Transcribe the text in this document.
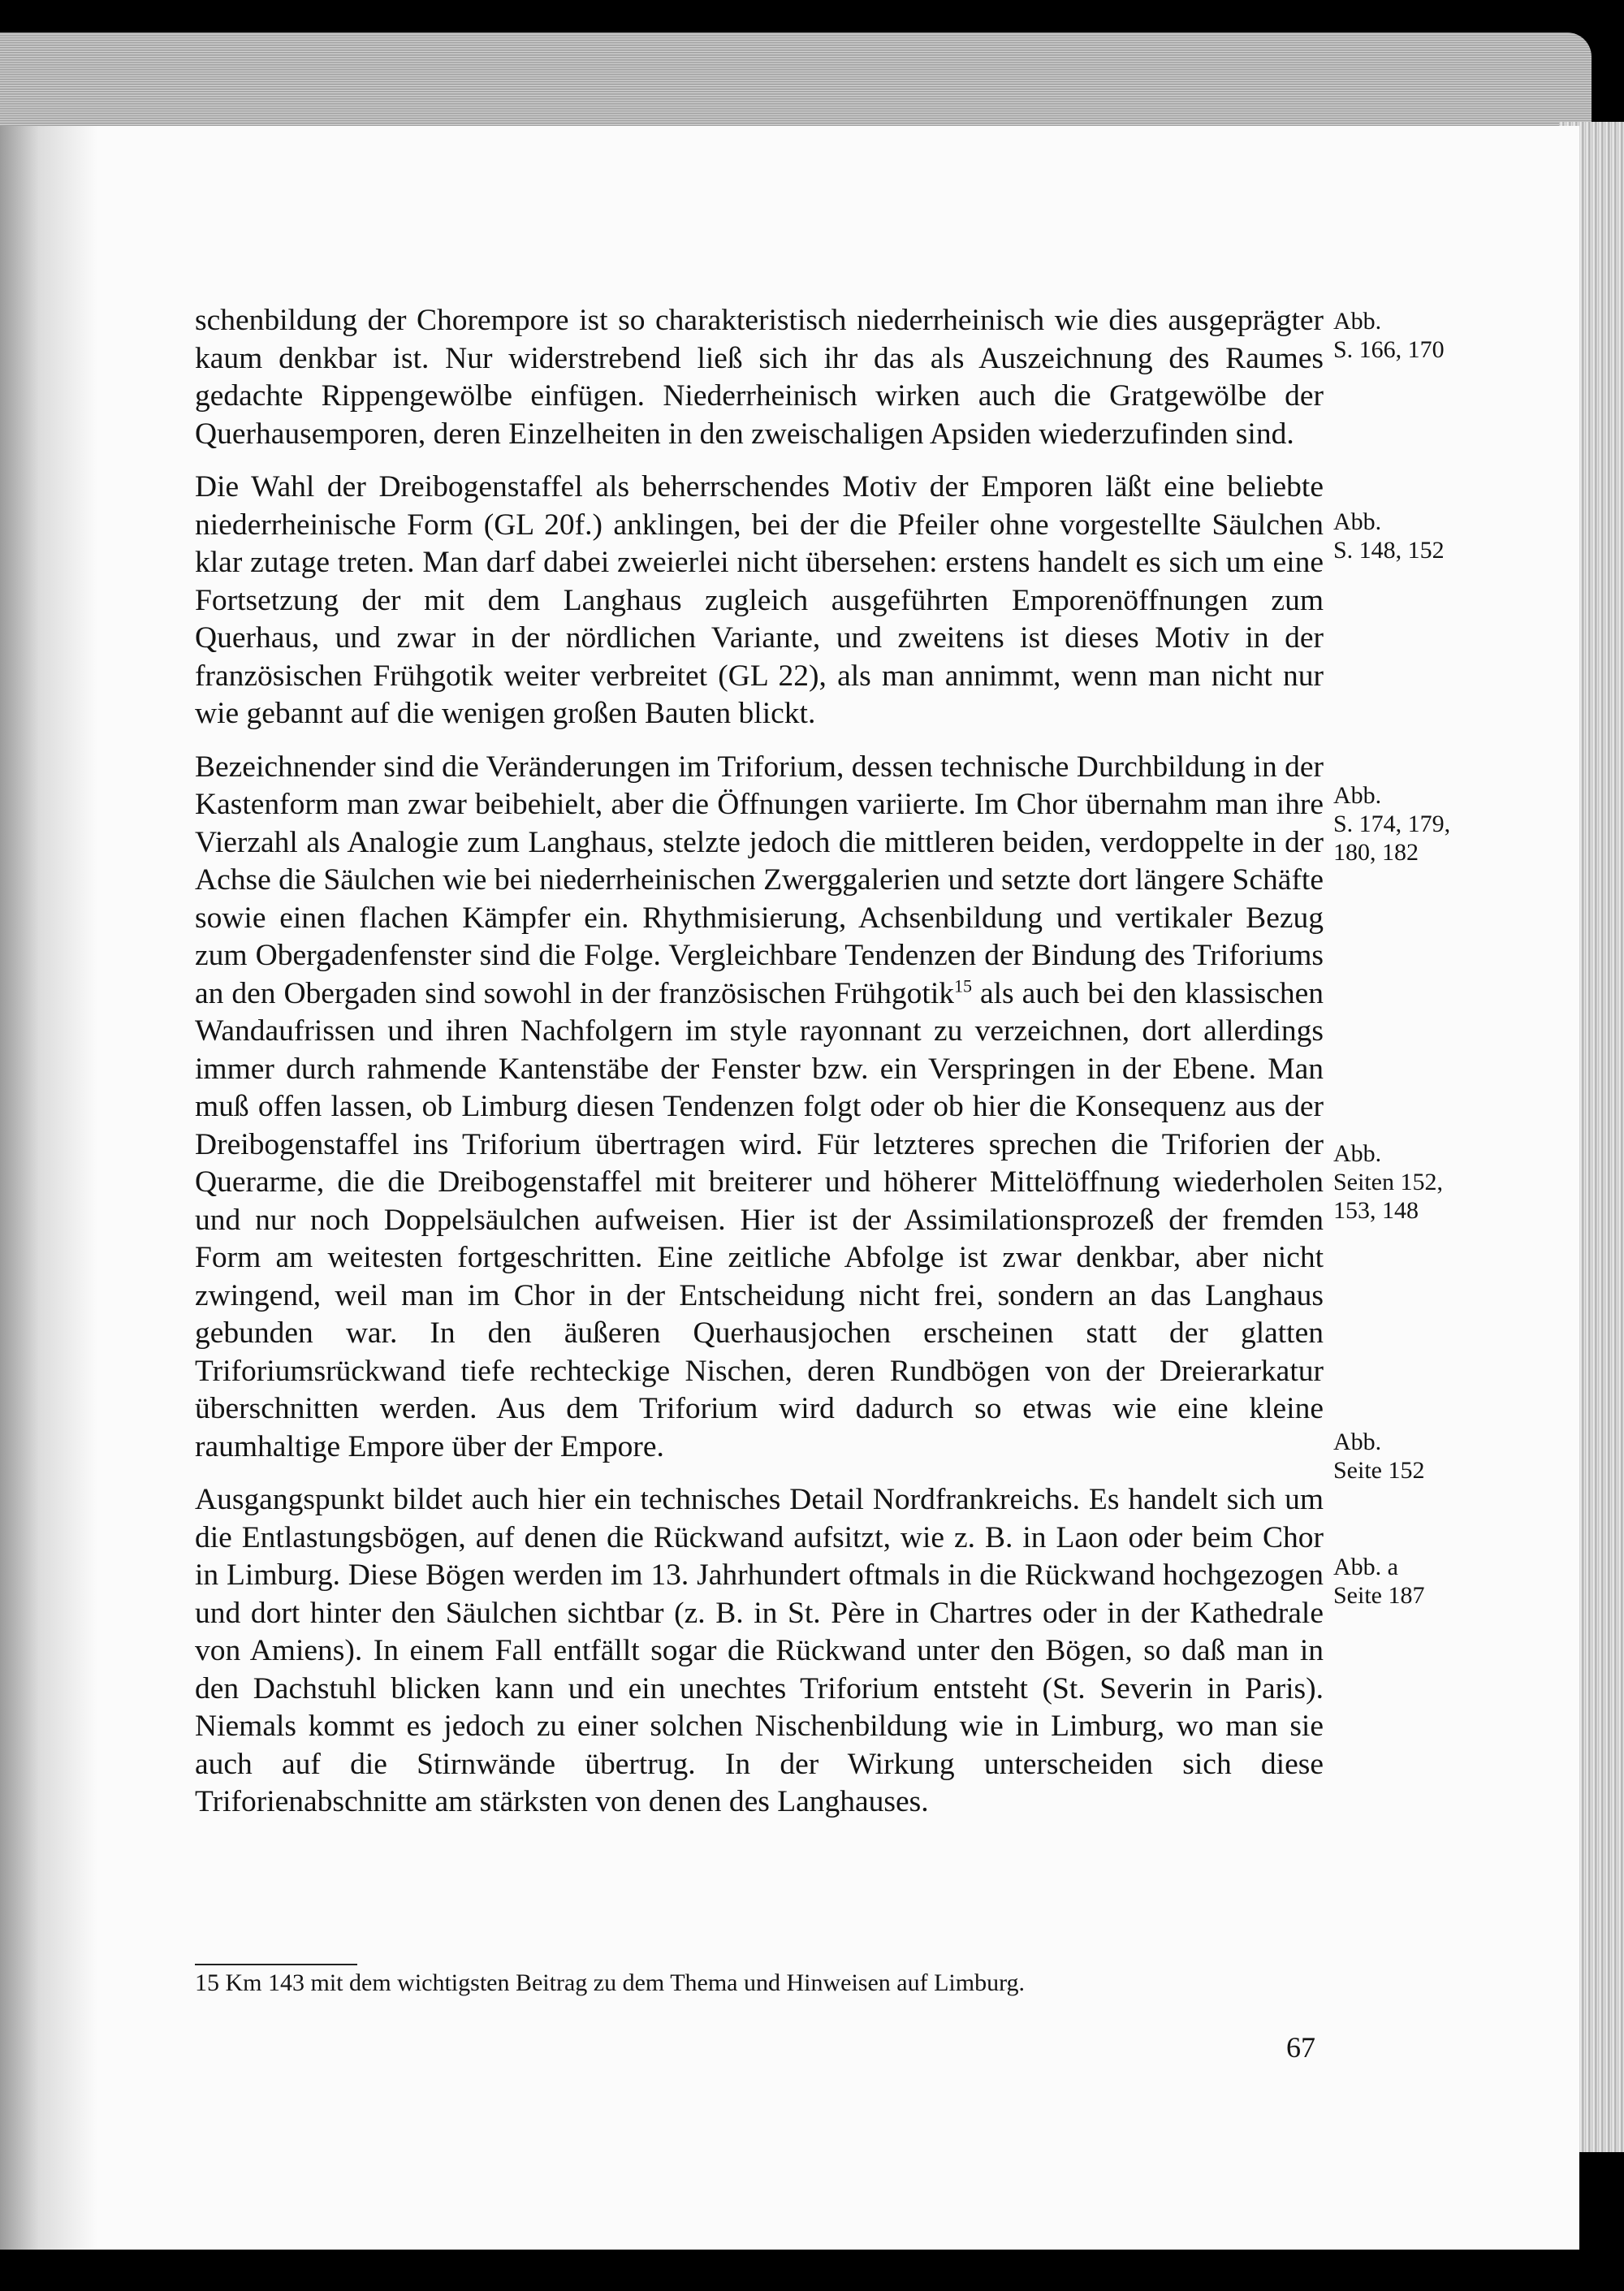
schenbildung der Chorempore ist so charakteristisch niederrheinisch wie dies ausgeprägter kaum denkbar ist. Nur widerstrebend ließ sich ihr das als Auszeichnung des Raumes gedachte Rippengewölbe einfügen. Niederrheinisch wirken auch die Gratgewölbe der Querhausemporen, deren Einzelheiten in den zweischaligen Apsiden wiederzufinden sind.

Die Wahl der Dreibogenstaffel als beherrschendes Motiv der Emporen läßt eine beliebte niederrheinische Form (GL 20f.) anklingen, bei der die Pfeiler ohne vorgestellte Säulchen klar zutage treten. Man darf dabei zweierlei nicht übersehen: erstens handelt es sich um eine Fortsetzung der mit dem Langhaus zugleich ausgeführten Emporenöffnungen zum Querhaus, und zwar in der nördlichen Variante, und zweitens ist dieses Motiv in der französischen Frühgotik weiter verbreitet (GL 22), als man annimmt, wenn man nicht nur wie gebannt auf die wenigen großen Bauten blickt.

Bezeichnender sind die Veränderungen im Triforium, dessen technische Durchbildung in der Kastenform man zwar beibehielt, aber die Öffnungen variierte. Im Chor übernahm man ihre Vierzahl als Analogie zum Langhaus, stelzte jedoch die mittleren beiden, verdoppelte in der Achse die Säulchen wie bei niederrheinischen Zwerggalerien und setzte dort längere Schäfte sowie einen flachen Kämpfer ein. Rhythmisierung, Achsenbildung und vertikaler Bezug zum Obergadenfenster sind die Folge. Vergleichbare Tendenzen der Bindung des Triforiums an den Obergaden sind sowohl in der französischen Frühgotik$^{15}$ als auch bei den klassischen Wandaufrissen und ihren Nachfolgern im style rayonnant zu verzeichnen, dort allerdings immer durch rahmende Kantenstäbe der Fenster bzw. ein Verspringen in der Ebene. Man muß offen lassen, ob Limburg diesen Tendenzen folgt oder ob hier die Konsequenz aus der Dreibogenstaffel ins Triforium übertragen wird. Für letzteres sprechen die Triforien der Querarme, die die Dreibogenstaffel mit breiterer und höherer Mittelöffnung wiederholen und nur noch Doppelsäulchen aufweisen. Hier ist der Assimilationsprozeß der fremden Form am weitesten fortgeschritten. Eine zeitliche Abfolge ist zwar denkbar, aber nicht zwingend, weil man im Chor in der Entscheidung nicht frei, sondern an das Langhaus gebunden war. In den äußeren Querhausjochen erscheinen statt der glatten Triforiumsrückwand tiefe rechteckige Nischen, deren Rundbögen von der Dreierarkatur überschnitten werden. Aus dem Triforium wird dadurch so etwas wie eine kleine raumhaltige Empore über der Empore.

Ausgangspunkt bildet auch hier ein technisches Detail Nordfrankreichs. Es handelt sich um die Entlastungsbögen, auf denen die Rückwand aufsitzt, wie z. B. in Laon oder beim Chor in Limburg. Diese Bögen werden im 13. Jahrhundert oftmals in die Rückwand hochgezogen und dort hinter den Säulchen sichtbar (z. B. in St. Père in Chartres oder in der Kathedrale von Amiens). In einem Fall entfällt sogar die Rückwand unter den Bögen, so daß man in den Dachstuhl blicken kann und ein unechtes Triforium entsteht (St. Severin in Paris). Niemals kommt es jedoch zu einer solchen Nischenbildung wie in Limburg, wo man sie auch auf die Stirnwände übertrug. In der Wirkung unterscheiden sich diese Triforienabschnitte am stärksten von denen des Langhauses.

Abb.
S. 166, 170
Abb.
S. 148, 152
Abb.
S. 174, 179,
180, 182
Abb.
Seiten 152,
153, 148
Abb.
Seite 152
Abb. a
Seite 187
15 Km 143 mit dem wichtigsten Beitrag zu dem Thema und Hinweisen auf Limburg.
67
